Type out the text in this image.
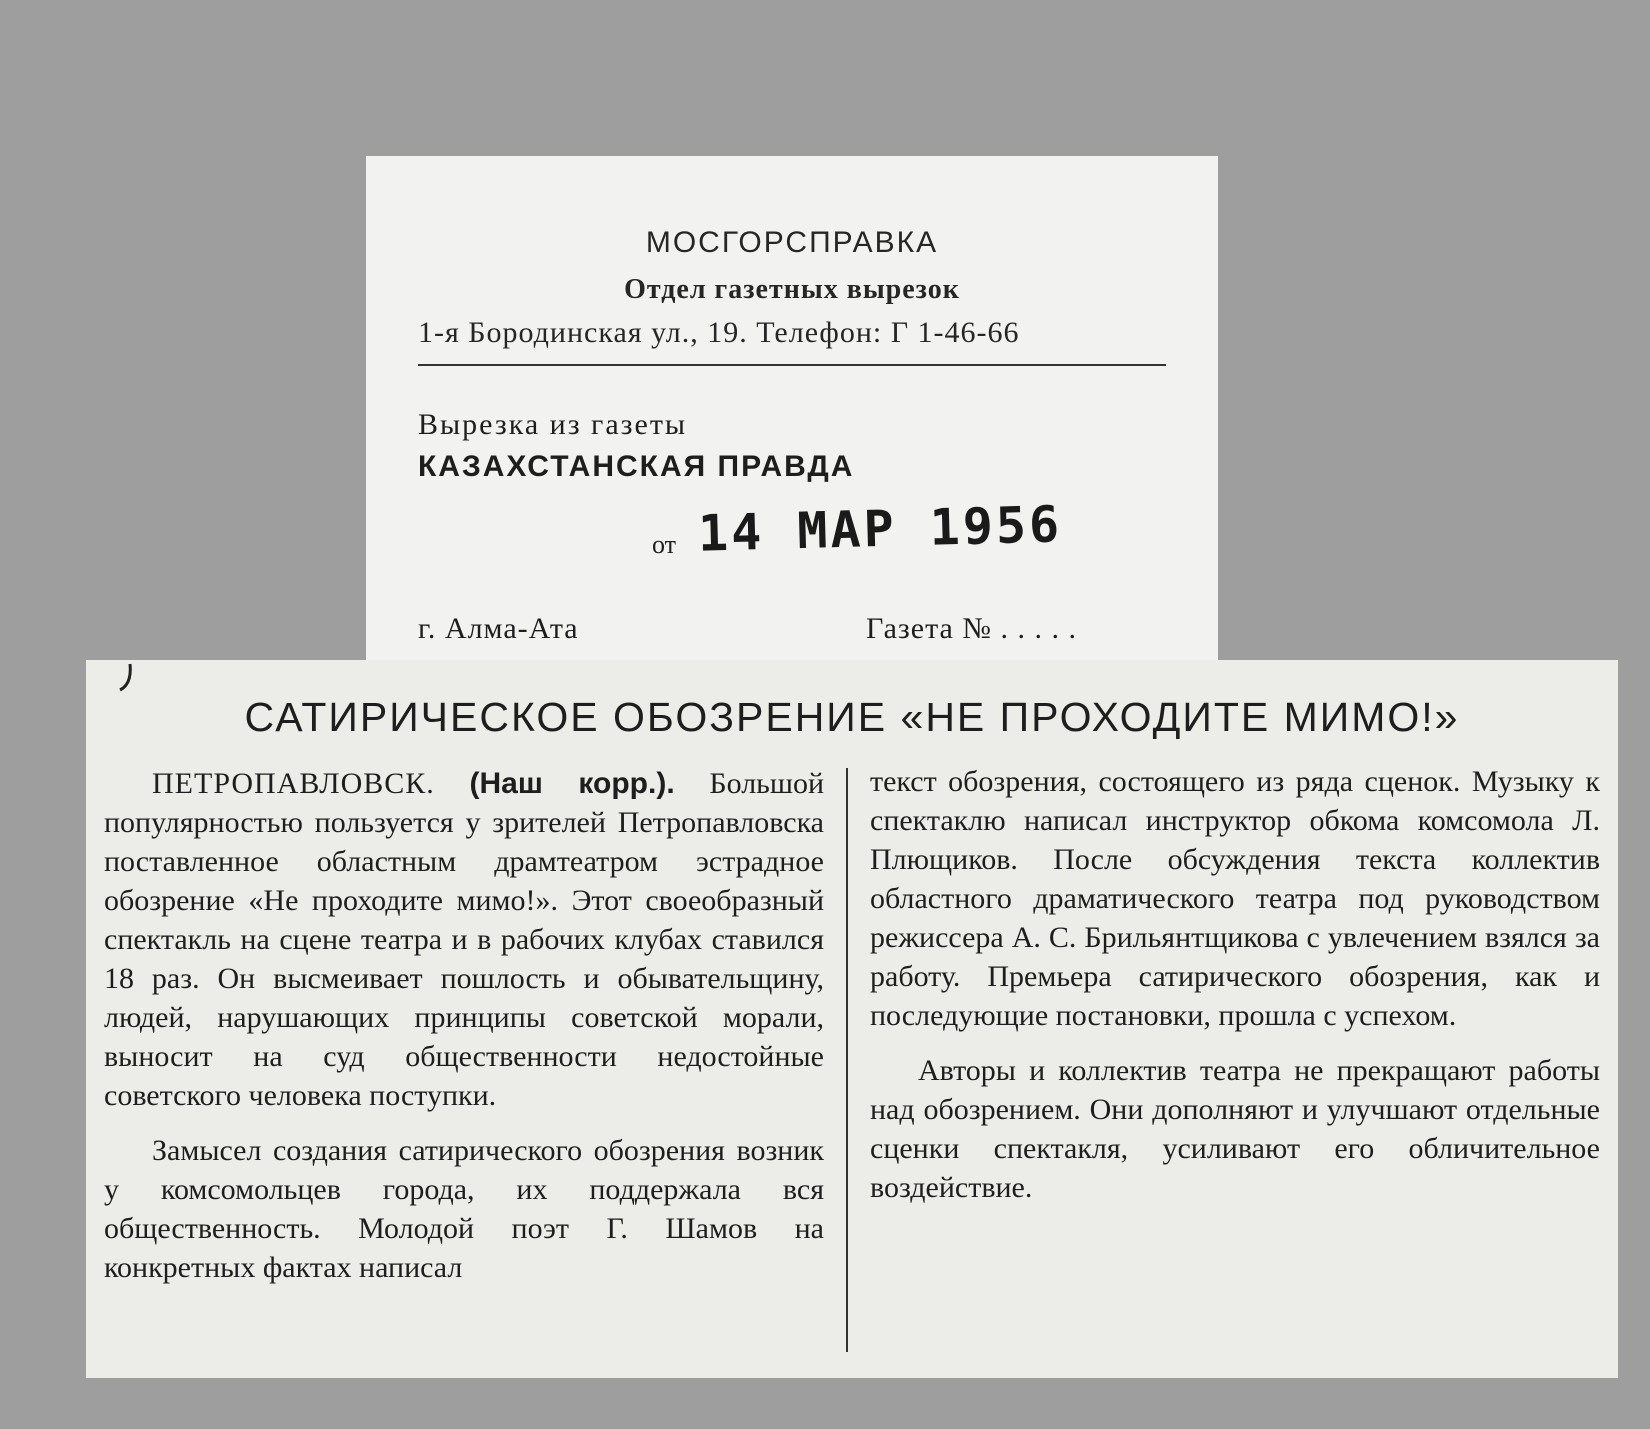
МОСГОРСПРАВКА
Отдел газетных вырезок
1-я Бородинская ул., 19. Телефон: Г 1-46-66
Вырезка из газеты
КАЗАХСТАНСКАЯ ПРАВДА
от 14 МАР 1956
г. Алма-Ата	Газета № . . . . .
САТИРИЧЕСКОЕ ОБОЗРЕНИЕ «НЕ ПРОХОДИТЕ МИМО!»

ПЕТРОПАВЛОВСК. (Наш корр.). Большой популярностью пользуется у зрителей Петропавловска поставленное областным драмтеатром эстрадное обозрение «Не проходите мимо!». Этот своеобразный спектакль на сцене театра и в рабочих клубах ставился 18 раз. Он высмеивает пошлость и обывательщину, людей, нарушающих принципы советской морали, выносит на суд общественности недостойные советского человека поступки.

Замысел создания сатирического обозрения возник у комсомольцев города, их поддержала вся общественность. Молодой поэт Г. Шамов на конкретных фактах написал

текст обозрения, состоящего из ряда сценок. Музыку к спектаклю написал инструктор обкома комсомола Л. Плющиков. После обсуждения текста коллектив областного драматического театра под руководством режиссера А. С. Брильянтщикова с увлечением взялся за работу. Премьера сатирического обозрения, как и последующие постановки, прошла с успехом.

Авторы и коллектив театра не прекращают работы над обозрением. Они дополняют и улучшают отдельные сценки спектакля, усиливают его обличительное воздействие.
